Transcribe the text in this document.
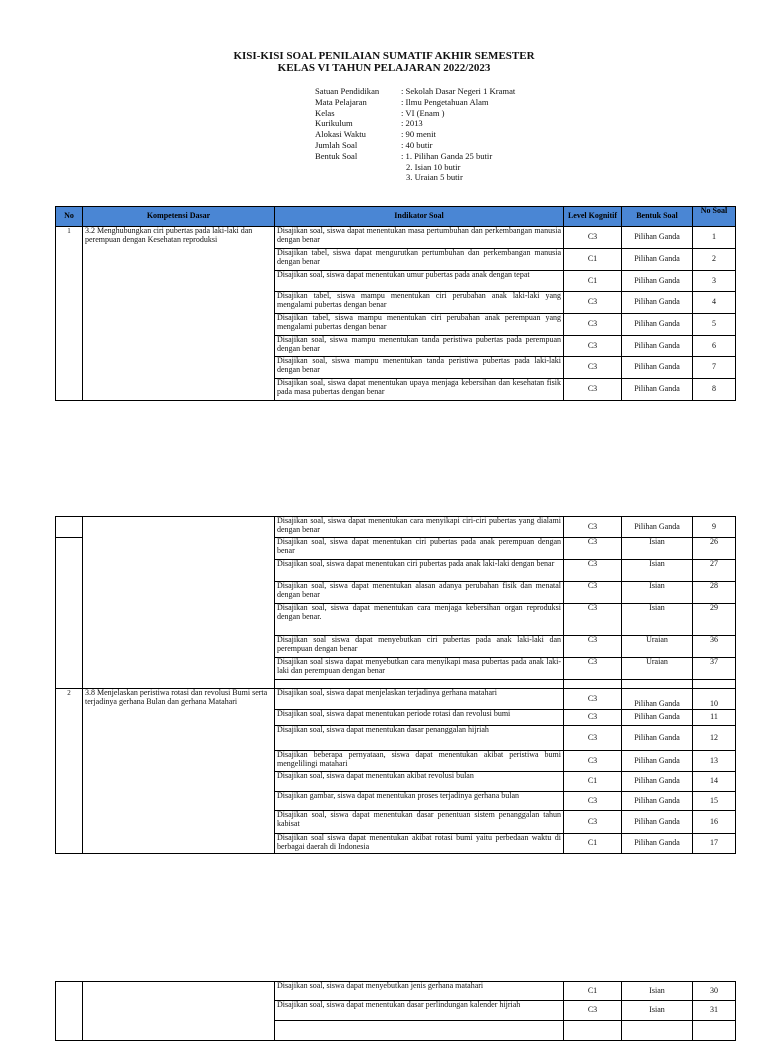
KISI-KISI SOAL PENILAIAN SUMATIF AKHIR SEMESTER
KELAS VI TAHUN PELAJARAN 2022/2023
Satuan Pendidikan	: Sekolah Dasar Negeri 1 Kramat
Mata Pelajaran	: Ilmu Pengetahuan Alam
Kelas	: VI (Enam )
Kurikulum	: 2013
Alokasi Waktu	: 90 menit
Jumlah Soal	: 40 butir
Bentuk Soal	: 1. Pilihan Ganda 25 butir
2. Isian 10 butir
3. Uraian 5 butir
No	Kompetensi Dasar	Indikator Soal	Level Kognitif	Bentuk Soal	No Soal
1	3.2 Menghubungkan ciri pubertas pada laki-laki dan perempuan dengan Kesehatan reproduksi	Disajikan soal, siswa dapat menentukan masa pertumbuhan dan perkembangan manusia dengan benar	C3	Pilihan Ganda	1
		Disajikan tabel, siswa dapat mengurutkan pertumbuhan dan perkembangan manusia dengan benar	C1	Pilihan Ganda	2
		Disajikan soal, siswa dapat menentukan umur pubertas pada anak dengan tepat	C1	Pilihan Ganda	3
		Disajikan tabel, siswa mampu menentukan ciri perubahan anak laki-laki yang mengalami pubertas dengan benar	C3	Pilihan Ganda	4
		Disajikan tabel, siswa mampu menentukan ciri perubahan anak perempuan yang mengalami pubertas dengan benar	C3	Pilihan Ganda	5
		Disajikan soal, siswa mampu menentukan tanda peristiwa pubertas pada perempuan dengan benar	C3	Pilihan Ganda	6
		Disajikan soal, siswa mampu menentukan tanda peristiwa pubertas pada laki-laki dengan benar	C3	Pilihan Ganda	7
		Disajikan soal, siswa dapat menentukan upaya menjaga kebersihan dan kesehatan fisik pada masa pubertas dengan benar	C3	Pilihan Ganda	8
		Disajikan soal, siswa dapat menentukan cara menyikapi ciri-ciri pubertas yang dialami dengan benar	C3	Pilihan Ganda	9
		Disajikan soal, siswa dapat menentukan ciri pubertas pada anak perempuan dengan benar	C3	Isian	26
		Disajikan soal, siswa dapat menentukan ciri pubertas pada anak laki-laki dengan benar	C3	Isian	27
		Disajikan soal, siswa dapat menentukan alasan adanya perubahan fisik dan menatal dengan benar	C3	Isian	28
		Disajikan soal, siswa dapat menentukan cara menjaga kebersihan organ reproduksi dengan benar.	C3	Isian	29
		Disajikan soal siswa dapat menyebutkan ciri pubertas pada anak laki-laki dan perempuan dengan benar	C3	Uraian	36
		Disajikan soal siswa dapat menyebutkan cara menyikapi masa pubertas pada anak laki-laki dan perempuan dengan benar	C3	Uraian	37

2	3.8 Menjelaskan peristiwa rotasi dan revolusi Bumi serta terjadinya gerhana Bulan dan gerhana Matahari	Disajikan soal, siswa dapat menjelaskan terjadinya gerhana matahari	C3	Pilihan Ganda	10
		Disajikan soal, siswa dapat menentukan periode rotasi dan revolusi bumi	C3	Pilihan Ganda	11
		Disajikan soal, siswa dapat menentukan dasar penanggalan hijriah	C3	Pilihan Ganda	12
		Disajikan beberapa pernyataan, siswa dapat menentukan akibat peristiwa bumi mengelilingi matahari	C3	Pilihan Ganda	13
		Disajikan soal, siswa dapat menentukan akibat revolusi bulan	C1	Pilihan Ganda	14
		Disajikan gambar, siswa dapat menentukan proses terjadinya gerhana bulan	C3	Pilihan Ganda	15
		Disajikan soal, siswa dapat menentukan dasar penentuan sistem penanggalan tahun kabisat	C3	Pilihan Ganda	16
		Disajikan soal siswa dapat menentukan akibat rotasi bumi yaitu perbedaan waktu di berbagai daerah di Indonesia	C1	Pilihan Ganda	17
		Disajikan soal, siswa dapat menyebutkan jenis gerhana matahari	C1	Isian	30
		Disajikan soal, siswa dapat menentukan dasar perlindungan kalender hijriah	C3	Isian	31
